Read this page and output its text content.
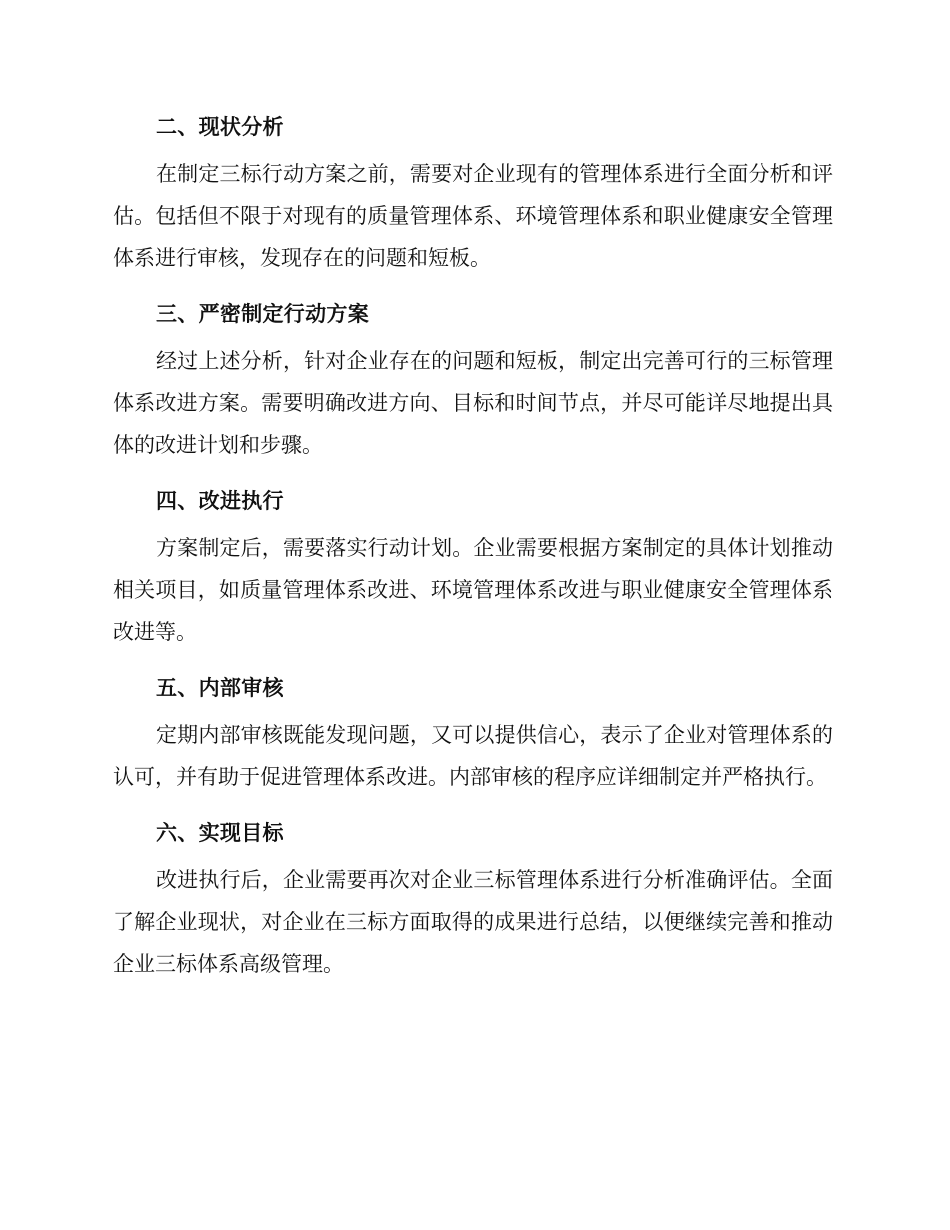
二、现状分析

在制定三标行动方案之前，需要对企业现有的管理体系进行全面分析和评估。包括但不限于对现有的质量管理体系、环境管理体系和职业健康安全管理体系进行审核，发现存在的问题和短板。

三、严密制定行动方案

经过上述分析，针对企业存在的问题和短板，制定出完善可行的三标管理体系改进方案。需要明确改进方向、目标和时间节点，并尽可能详尽地提出具体的改进计划和步骤。

四、改进执行

方案制定后，需要落实行动计划。企业需要根据方案制定的具体计划推动相关项目，如质量管理体系改进、环境管理体系改进与职业健康安全管理体系改进等。

五、内部审核

定期内部审核既能发现问题，又可以提供信心，表示了企业对管理体系的认可，并有助于促进管理体系改进。内部审核的程序应详细制定并严格执行。

六、实现目标

改进执行后，企业需要再次对企业三标管理体系进行分析准确评估。全面了解企业现状，对企业在三标方面取得的成果进行总结，以便继续完善和推动企业三标体系高级管理。
